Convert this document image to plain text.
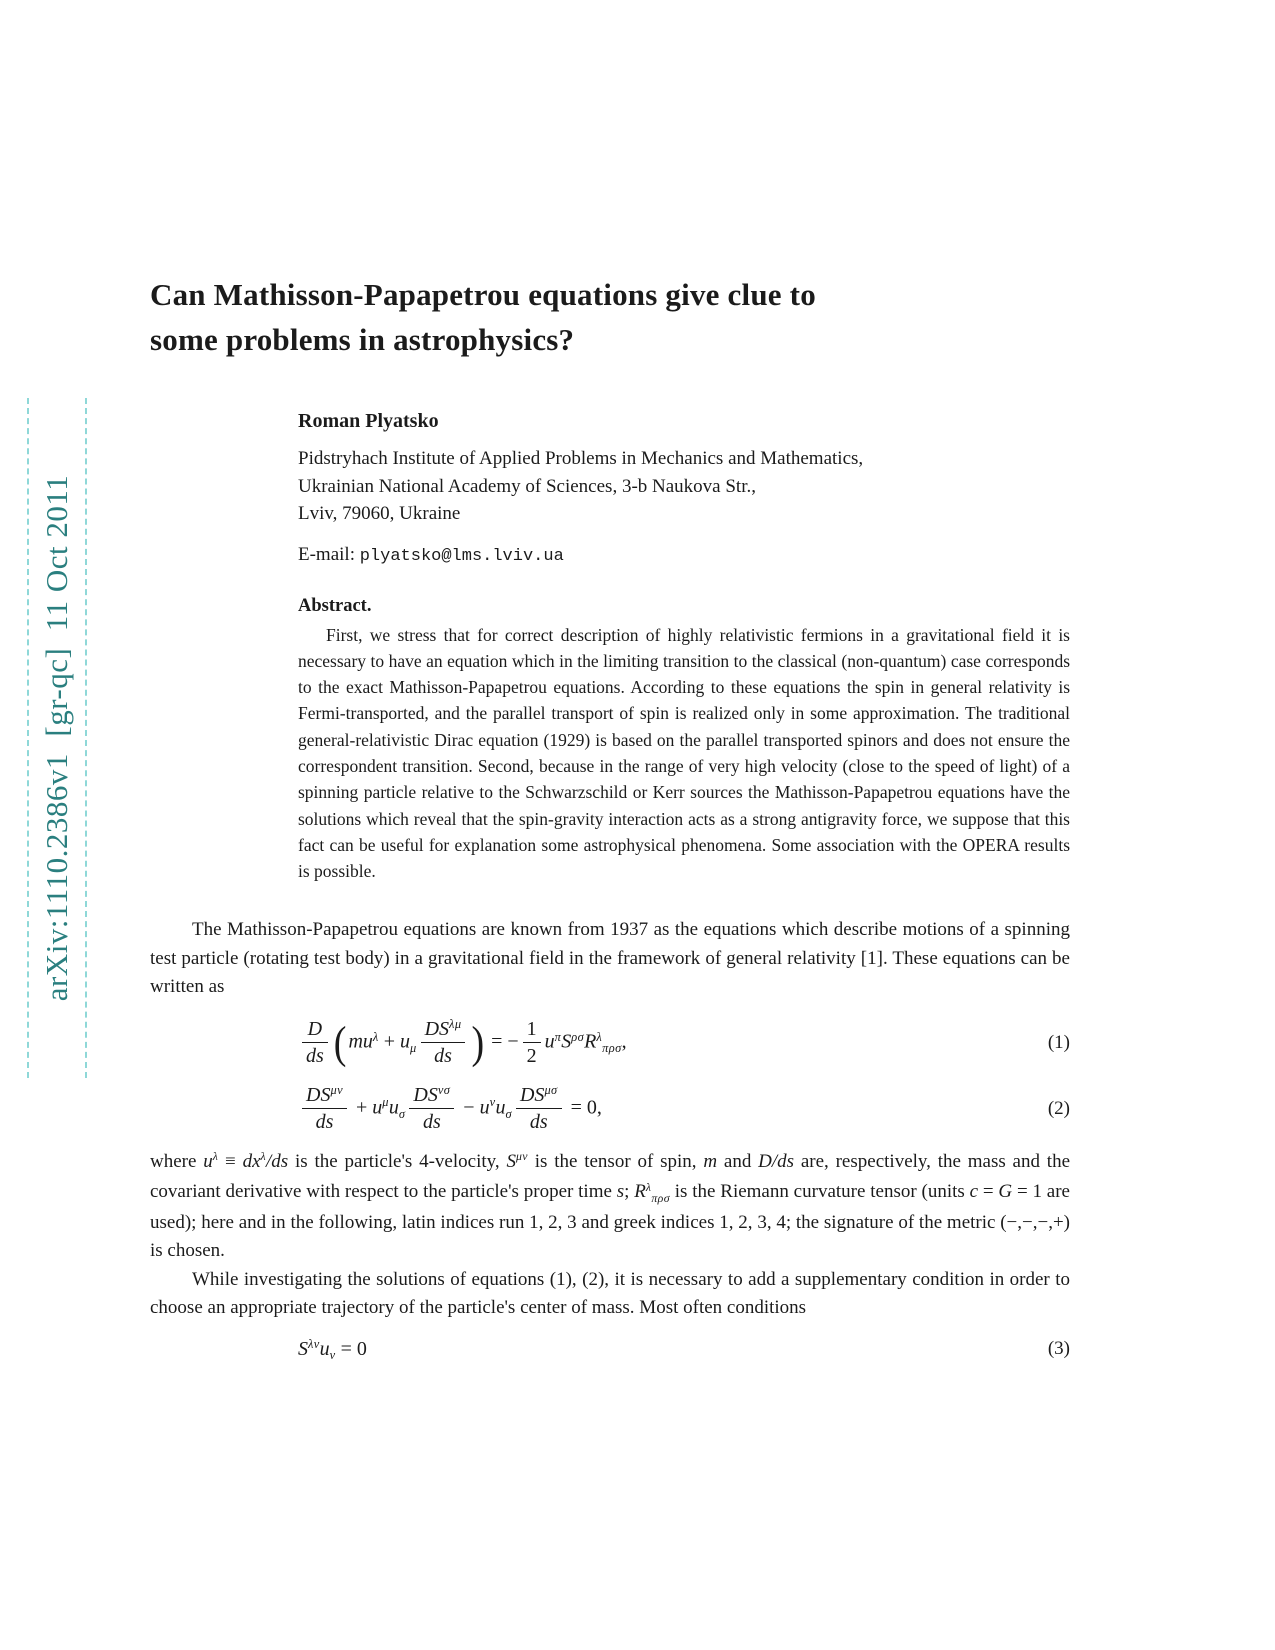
arXiv:1110.2386v1  [gr-qc]  11 Oct 2011
Can Mathisson-Papapetrou equations give clue to
some problems in astrophysics?
Roman Plyatsko
Pidstryhach Institute of Applied Problems in Mechanics and Mathematics,
Ukrainian National Academy of Sciences, 3-b Naukova Str.,
Lviv, 79060, Ukraine
E-mail: plyatsko@lms.lviv.ua
Abstract.
First, we stress that for correct description of highly relativistic fermions in a gravitational field it is necessary to have an equation which in the limiting transition to the classical (non-quantum) case corresponds to the exact Mathisson-Papapetrou equations. According to these equations the spin in general relativity is Fermi-transported, and the parallel transport of spin is realized only in some approximation. The traditional general-relativistic Dirac equation (1929) is based on the parallel transported spinors and does not ensure the correspondent transition. Second, because in the range of very high velocity (close to the speed of light) of a spinning particle relative to the Schwarzschild or Kerr sources the Mathisson-Papapetrou equations have the solutions which reveal that the spin-gravity interaction acts as a strong antigravity force, we suppose that this fact can be useful for explanation some astrophysical phenomena. Some association with the OPERA results is possible.

The Mathisson-Papapetrou equations are known from 1937 as the equations which describe motions of a spinning test particle (rotating test body) in a gravitational field in the framework of general relativity [1]. These equations can be written as

$\frac{D}{ds}$ ( $mu^\lambda + u_\mu \frac{DS^{\lambda\mu}}{ds}$ ) = − $\frac{1}{2} u^\pi S^{\rho\sigma}R^\lambda_{\pi\rho\sigma}$,	(1)
$\frac{DS^{\mu\nu}}{ds} + u^\mu u_\sigma \frac{DS^{\nu\sigma}}{ds} - u^\nu u_\sigma \frac{DS^{\mu\sigma}}{ds} = 0$,	(2)

where $u^\lambda \equiv dx^\lambda/ds$ is the particle's 4-velocity, $S^{\mu\nu}$ is the tensor of spin, m and D/ds are, respectively, the mass and the covariant derivative with respect to the particle's proper time s; $R^\lambda_{\pi\rho\sigma}$ is the Riemann curvature tensor (units c = G = 1 are used); here and in the following, latin indices run 1, 2, 3 and greek indices 1, 2, 3, 4; the signature of the metric (−,−,−,+) is chosen.

While investigating the solutions of equations (1), (2), it is necessary to add a supplementary condition in order to choose an appropriate trajectory of the particle's center of mass. Most often conditions

$S^{\lambda\nu}u_\nu = 0$	(3)
